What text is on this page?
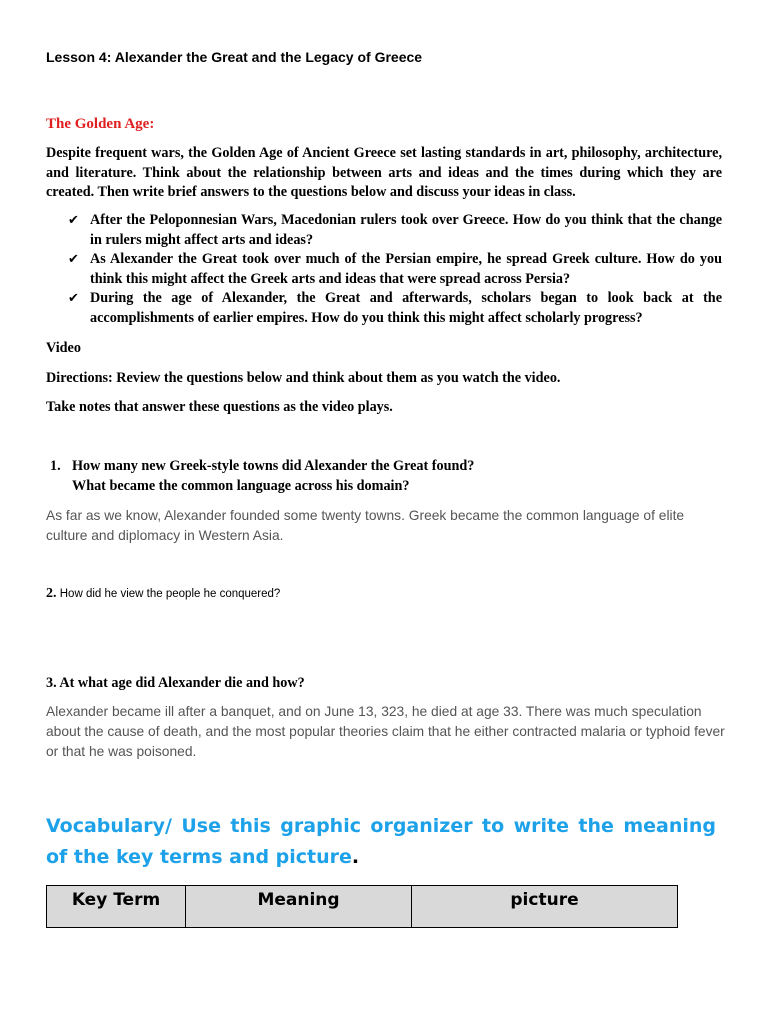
Lesson 4: Alexander the Great and the Legacy of Greece
The Golden Age:
Despite frequent wars, the Golden Age of Ancient Greece set lasting standards in art, philosophy, architecture, and literature. Think about the relationship between arts and ideas and the times during which they are created. Then write brief answers to the questions below and discuss your ideas in class.
✔ After the Peloponnesian Wars, Macedonian rulers took over Greece. How do you think that the change in rulers might affect arts and ideas?
✔ As Alexander the Great took over much of the Persian empire, he spread Greek culture. How do you think this might affect the Greek arts and ideas that were spread across Persia?
✔ During the age of Alexander, the Great and afterwards, scholars began to look back at the accomplishments of earlier empires. How do you think this might affect scholarly progress?
Video
Directions: Review the questions below and think about them as you watch the video.
Take notes that answer these questions as the video plays.
1. How many new Greek-style towns did Alexander the Great found?
What became the common language across his domain?
As far as we know, Alexander founded some twenty towns. Greek became the common language of elite culture and diplomacy in Western Asia.
2. How did he view the people he conquered?
3. At what age did Alexander die and how?
Alexander became ill after a banquet, and on June 13, 323, he died at age 33. There was much speculation about the cause of death, and the most popular theories claim that he either contracted malaria or typhoid fever or that he was poisoned.
Vocabulary/ Use this graphic organizer to write the meaning of the key terms and picture.
Key Term	Meaning	picture
